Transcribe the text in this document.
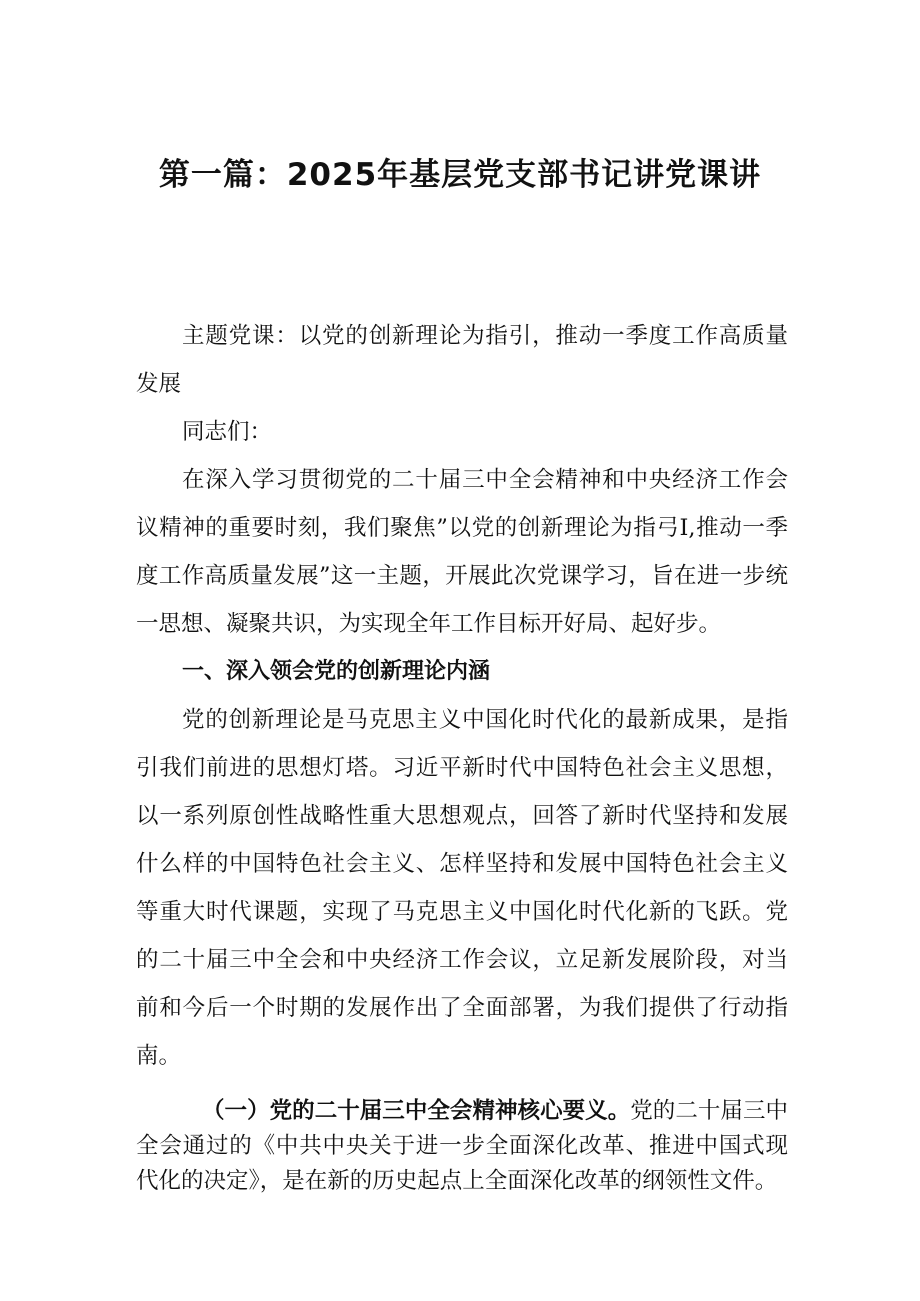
第一篇：2025年基层党支部书记讲党课讲

主题党课：以党的创新理论为指引，推动一季度工作高质量发展

同志们：

在深入学习贯彻党的二十届三中全会精神和中央经济工作会议精神的重要时刻，我们聚焦”以党的创新理论为指弓I,推动一季度工作高质量发展”这一主题，开展此次党课学习，旨在进一步统一思想、凝聚共识，为实现全年工作目标开好局、起好步。

一、深入领会党的创新理论内涵

党的创新理论是马克思主义中国化时代化的最新成果，是指引我们前进的思想灯塔。习近平新时代中国特色社会主义思想，以一系列原创性战略性重大思想观点，回答了新时代坚持和发展什么样的中国特色社会主义、怎样坚持和发展中国特色社会主义等重大时代课题，实现了马克思主义中国化时代化新的飞跃。党的二十届三中全会和中央经济工作会议，立足新发展阶段，对当前和今后一个时期的发展作出了全面部署，为我们提供了行动指南。

（一）党的二十届三中全会精神核心要义。党的二十届三中全会通过的《中共中央关于进一步全面深化改革、推进中国式现代化的决定》，是在新的历史起点上全面深化改革的纲领性文件。
